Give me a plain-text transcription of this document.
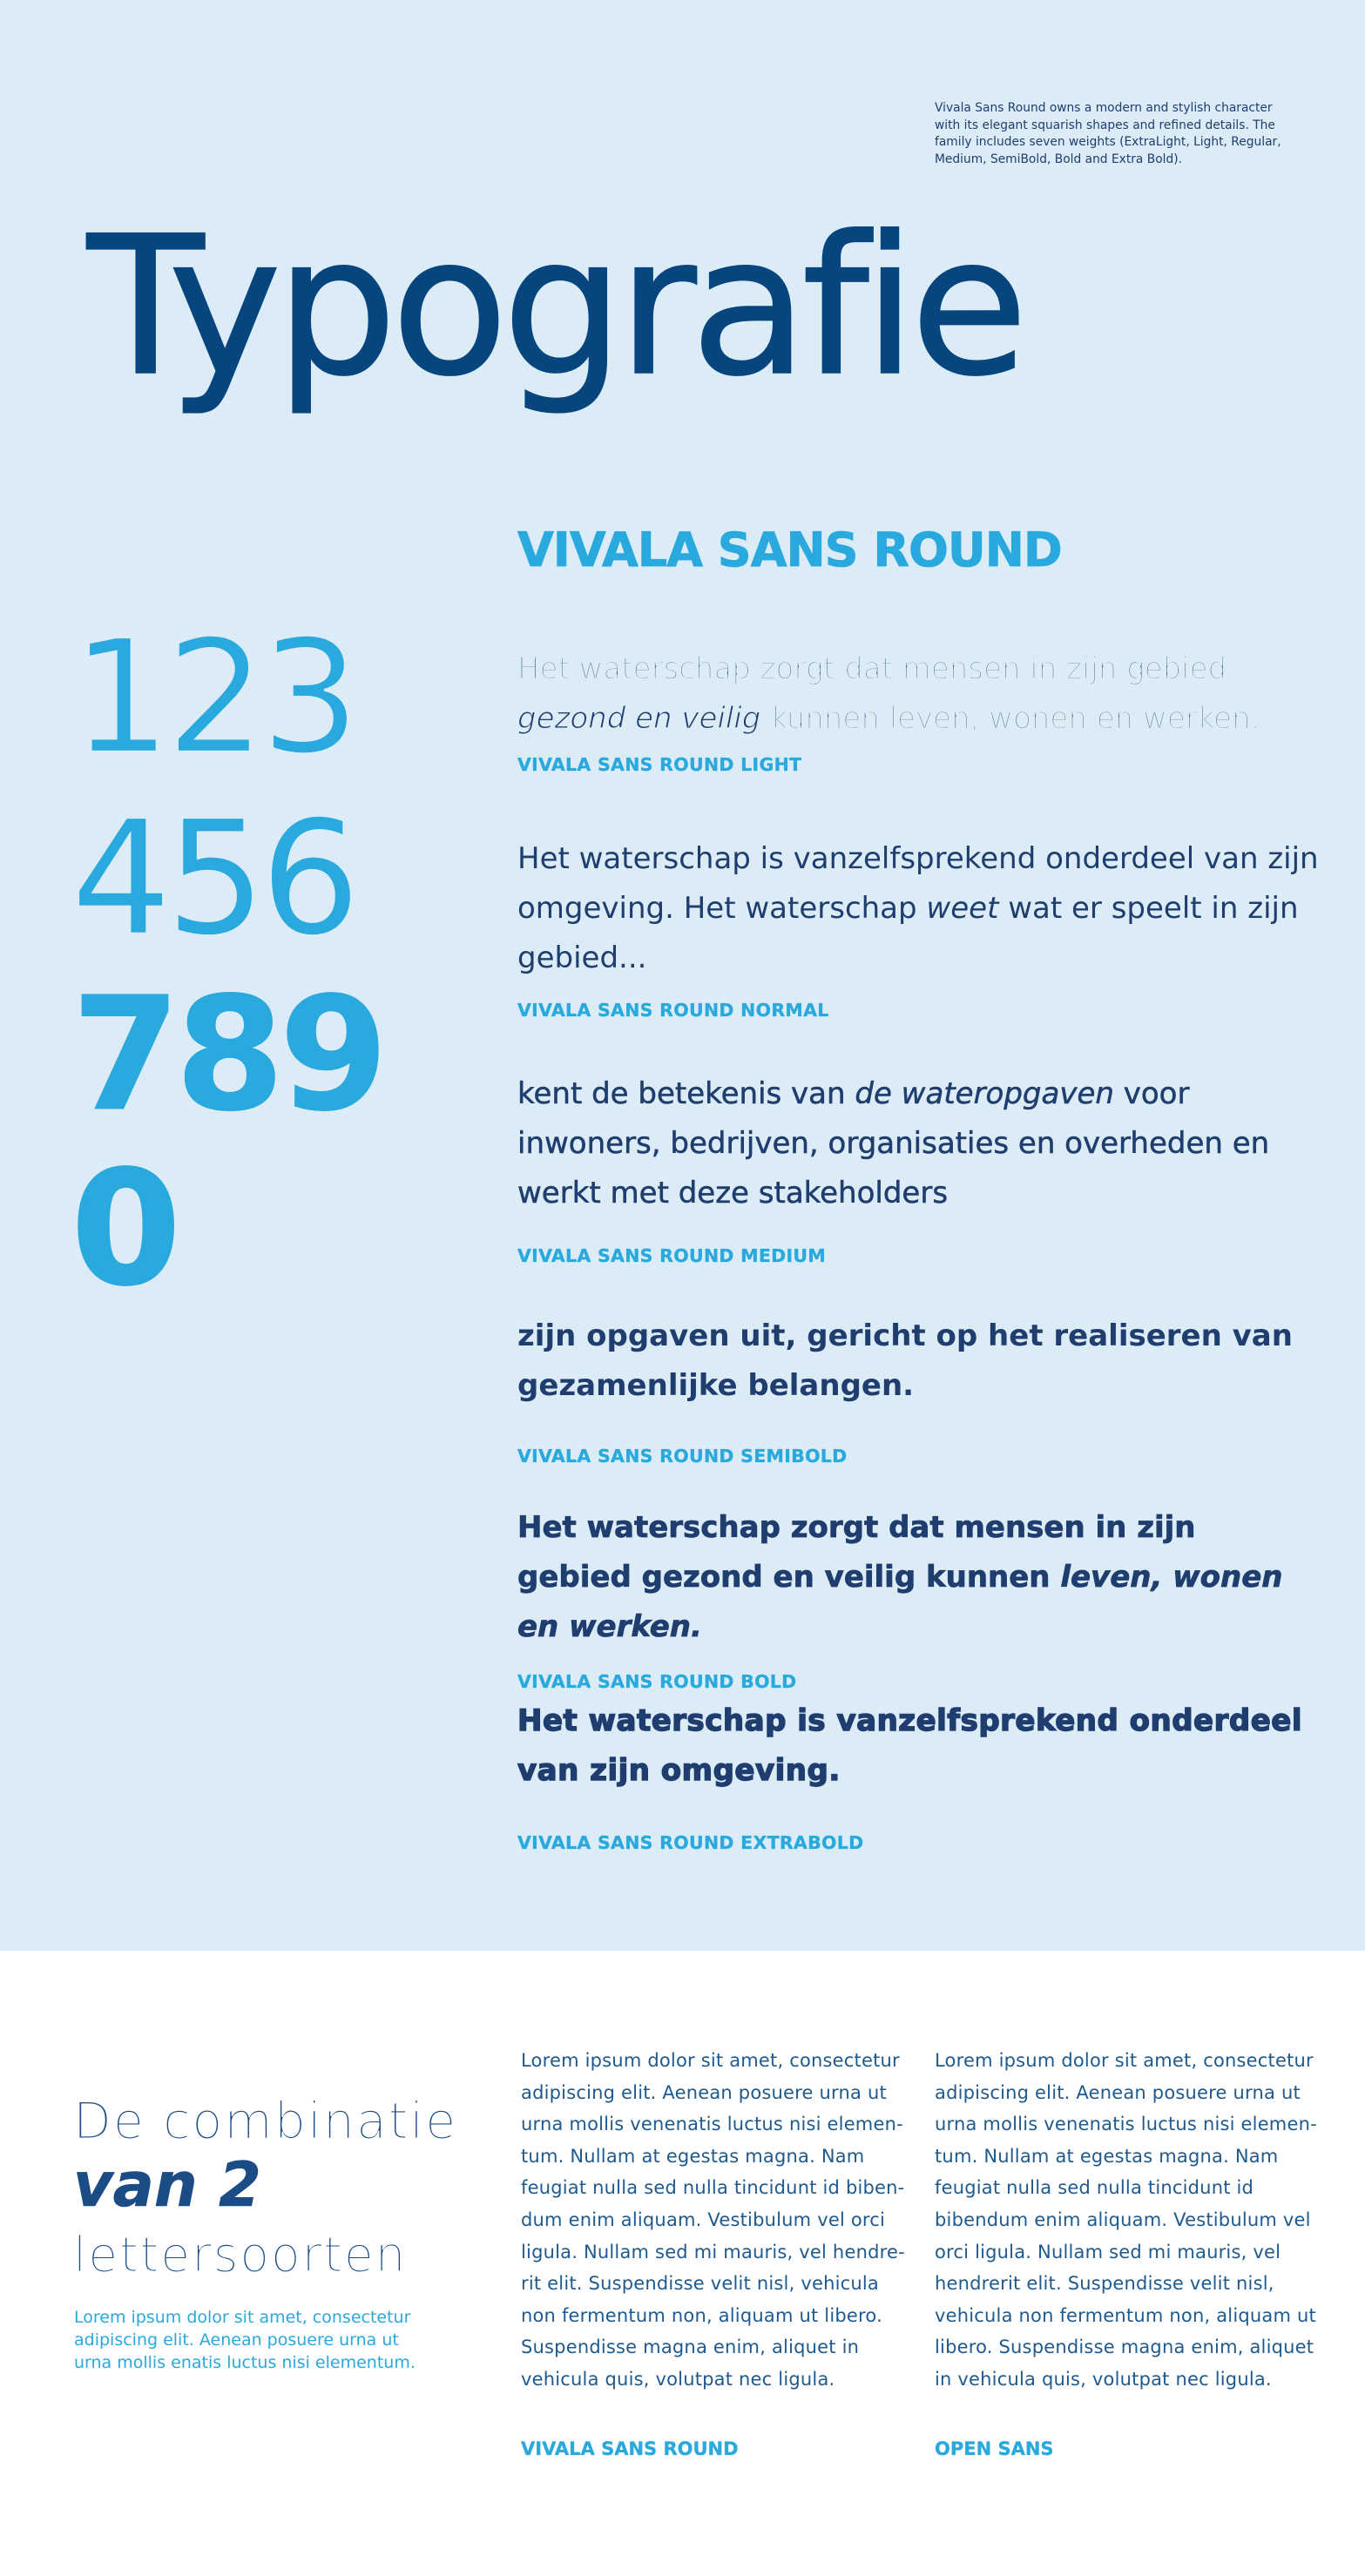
Vivala Sans Round owns a modern and stylish character
with its elegant squarish shapes and refined details. The
family includes seven weights (ExtraLight, Light, Regular,
Medium, SemiBold, Bold and Extra Bold).
Typografie
VIVALA SANS ROUND
123
456
789
0

Het waterschap zorgt dat mensen in zijn gebied gezond en veilig kunnen leven, wonen en werken.

VIVALA SANS ROUND LIGHT

Het waterschap is vanzelfsprekend onderdeel van zijn omgeving. Het waterschap weet wat er speelt in zijn gebied...

VIVALA SANS ROUND NORMAL

kent de betekenis van de wateropgaven voor inwoners, bedrijven, organisaties en overheden en werkt met deze stakeholders

VIVALA SANS ROUND MEDIUM

zijn opgaven uit, gericht op het realiseren van gezamenlijke belangen.

VIVALA SANS ROUND SEMIBOLD

Het waterschap zorgt dat mensen in zijn gebied gezond en veilig kunnen leven, wonen en werken.

VIVALA SANS ROUND BOLD

Het waterschap is vanzelfsprekend onderdeel van zijn omgeving.

VIVALA SANS ROUND EXTRABOLD
De combinatie
van 2
lettersoorten
Lorem ipsum dolor sit amet, consectetur
adipiscing elit. Aenean posuere urna ut
urna mollis enatis luctus nisi elementum.
Lorem ipsum dolor sit amet, consectetur
adipiscing elit. Aenean posuere urna ut
urna mollis venenatis luctus nisi elemen-
tum. Nullam at egestas magna. Nam
feugiat nulla sed nulla tincidunt id biben-
dum enim aliquam. Vestibulum vel orci
ligula. Nullam sed mi mauris, vel hendre-
rit elit. Suspendisse velit nisl, vehicula
non fermentum non, aliquam ut libero.
Suspendisse magna enim, aliquet in
vehicula quis, volutpat nec ligula.
Lorem ipsum dolor sit amet, consectetur
adipiscing elit. Aenean posuere urna ut
urna mollis venenatis luctus nisi elemen-
tum. Nullam at egestas magna. Nam
feugiat nulla sed nulla tincidunt id
bibendum enim aliquam. Vestibulum vel
orci ligula. Nullam sed mi mauris, vel
hendrerit elit. Suspendisse velit nisl,
vehicula non fermentum non, aliquam ut
libero. Suspendisse magna enim, aliquet
in vehicula quis, volutpat nec ligula.
VIVALA SANS ROUND	OPEN SANS
